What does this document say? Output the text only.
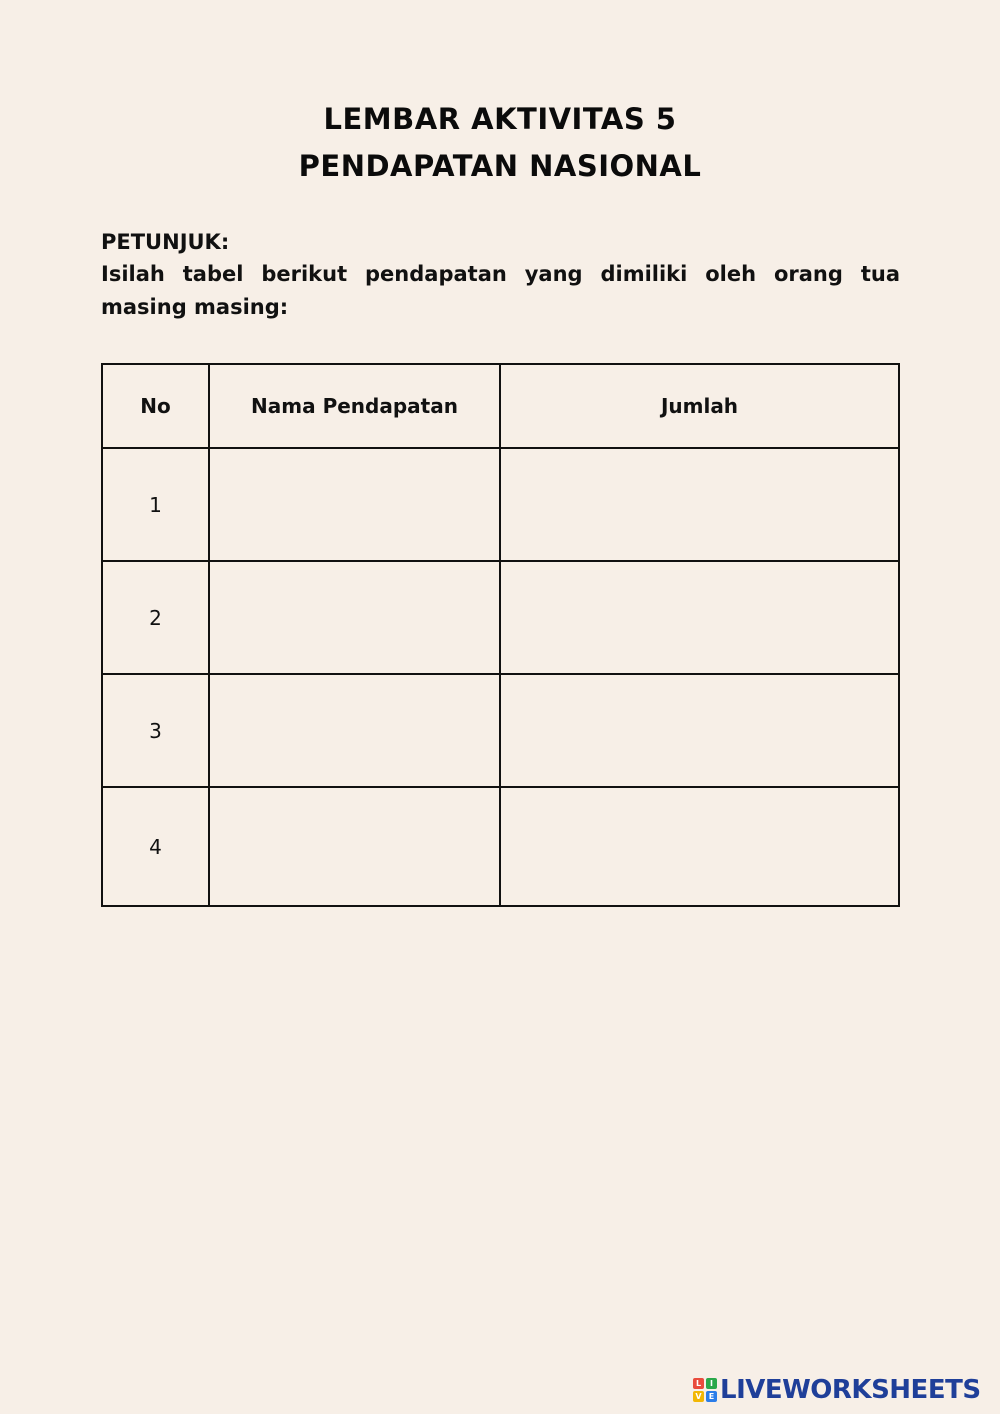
LEMBAR AKTIVITAS 5
PENDAPATAN NASIONAL
PETUNJUK:
Isilah tabel berikut pendapatan yang dimiliki oleh orang tua masing masing:
No	Nama Pendapatan	Jumlah
1		
2		
3		
4		
L	I
V E LIVEWORKSHEETS
